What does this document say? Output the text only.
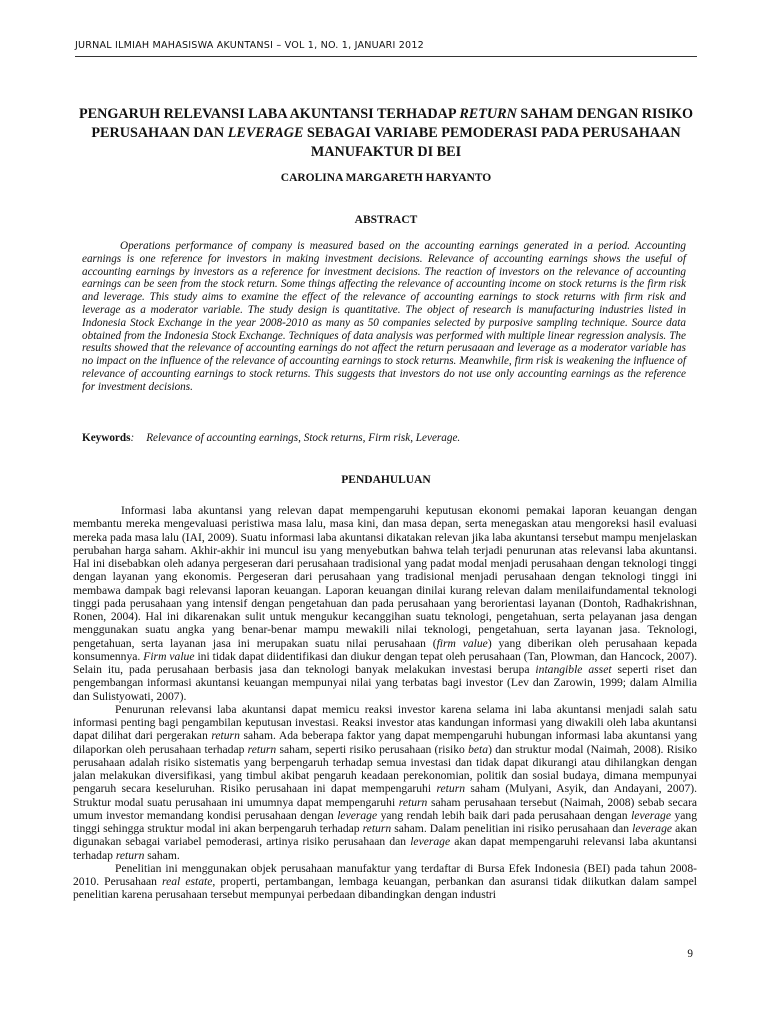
JURNAL ILMIAH MAHASISWA AKUNTANSI – VOL 1, NO. 1, JANUARI 2012
PENGARUH RELEVANSI LABA AKUNTANSI TERHADAP RETURN SAHAM DENGAN RISIKO PERUSAHAAN DAN LEVERAGE SEBAGAI VARIABE PEMODERASI PADA PERUSAHAAN MANUFAKTUR DI BEI
CAROLINA MARGARETH HARYANTO
ABSTRACT
Operations performance of company is measured based on the accounting earnings generated in a period. Accounting earnings is one reference for investors in making investment decisions. Relevance of accounting earnings shows the useful of accounting earnings by investors as a reference for investment decisions. The reaction of investors on the relevance of accounting earnings can be seen from the stock return. Some things affecting the relevance of accounting income on stock returns is the firm risk and leverage. This study aims to examine the effect of the relevance of accounting earnings to stock returns with firm risk and leverage as a moderator variable. The study design is quantitative. The object of research is manufacturing industries listed in Indonesia Stock Exchange in the year 2008-2010 as many as 50 companies selected by purposive sampling technique. Source data obtained from the Indonesia Stock Exchange. Techniques of data analysis was performed with multiple linear regression analysis. The results showed that the relevance of accounting earnings do not affect the return perusaaan and leverage as a moderator variable has no impact on the influence of the relevance of accounting earnings to stock returns. Meanwhile, firm risk is weakening the influence of relevance of accounting earnings to stock returns. This suggests that investors do not use only accounting earnings as the reference for investment decisions.
Keywords: Relevance of accounting earnings, Stock returns, Firm risk, Leverage.
PENDAHULUAN

Informasi laba akuntansi yang relevan dapat mempengaruhi keputusan ekonomi pemakai laporan keuangan dengan membantu mereka mengevaluasi peristiwa masa lalu, masa kini, dan masa depan, serta menegaskan atau mengoreksi hasil evaluasi mereka pada masa lalu (IAI, 2009). Suatu informasi laba akuntansi dikatakan relevan jika laba akuntansi tersebut mampu menjelaskan perubahan harga saham. Akhir-akhir ini muncul isu yang menyebutkan bahwa telah terjadi penurunan atas relevansi laba akuntansi. Hal ini disebabkan oleh adanya pergeseran dari perusahaan tradisional yang padat modal menjadi perusahaan dengan teknologi tinggi dengan layanan yang ekonomis. Pergeseran dari perusahaan yang tradisional menjadi perusahaan dengan teknologi tinggi ini membawa dampak bagi relevansi laporan keuangan. Laporan keuangan dinilai kurang relevan dalam menilaifundamental teknologi tinggi pada perusahaan yang intensif dengan pengetahuan dan pada perusahaan yang berorientasi layanan (Dontoh, Radhakrishnan, Ronen, 2004). Hal ini dikarenakan sulit untuk mengukur kecanggihan suatu teknologi, pengetahuan, serta pelayanan jasa dengan menggunakan suatu angka yang benar-benar mampu mewakili nilai teknologi, pengetahuan, serta layanan jasa. Teknologi, pengetahuan, serta layanan jasa ini merupakan suatu nilai perusahaan (firm value) yang diberikan oleh perusahaan kepada konsumennya. Firm value ini tidak dapat diidentifikasi dan diukur dengan tepat oleh perusahaan (Tan, Plowman, dan Hancock, 2007). Selain itu, pada perusahaan berbasis jasa dan teknologi banyak melakukan investasi berupa intangible asset seperti riset dan pengembangan informasi akuntansi keuangan mempunyai nilai yang terbatas bagi investor (Lev dan Zarowin, 1999; dalam Almilia dan Sulistyowati, 2007).

Penurunan relevansi laba akuntansi dapat memicu reaksi investor karena selama ini laba akuntansi menjadi salah satu informasi penting bagi pengambilan keputusan investasi. Reaksi investor atas kandungan informasi yang diwakili oleh laba akuntansi dapat dilihat dari pergerakan return saham. Ada beberapa faktor yang dapat mempengaruhi hubungan informasi laba akuntansi yang dilaporkan oleh perusahaan terhadap return saham, seperti risiko perusahaan (risiko beta) dan struktur modal (Naimah, 2008). Risiko perusahaan adalah risiko sistematis yang berpengaruh terhadap semua investasi dan tidak dapat dikurangi atau dihilangkan dengan jalan melakukan diversifikasi, yang timbul akibat pengaruh keadaan perekonomian, politik dan sosial budaya, dimana mempunyai pengaruh secara keseluruhan. Risiko perusahaan ini dapat mempengaruhi return saham (Mulyani, Asyik, dan Andayani, 2007). Struktur modal suatu perusahaan ini umumnya dapat mempengaruhi return saham perusahaan tersebut (Naimah, 2008) sebab secara umum investor memandang kondisi perusahaan dengan leverage yang rendah lebih baik dari pada perusahaan dengan leverage yang tinggi sehingga struktur modal ini akan berpengaruh terhadap return saham. Dalam penelitian ini risiko perusahaan dan leverage akan digunakan sebagai variabel pemoderasi, artinya risiko perusahaan dan leverage akan dapat mempengaruhi relevansi laba akuntansi terhadap return saham.

Penelitian ini menggunakan objek perusahaan manufaktur yang terdaftar di Bursa Efek Indonesia (BEI) pada tahun 2008-2010. Perusahaan real estate, properti, pertambangan, lembaga keuangan, perbankan dan asuransi tidak diikutkan dalam sampel penelitian karena perusahaan tersebut mempunyai perbedaan dibandingkan dengan industri

9
